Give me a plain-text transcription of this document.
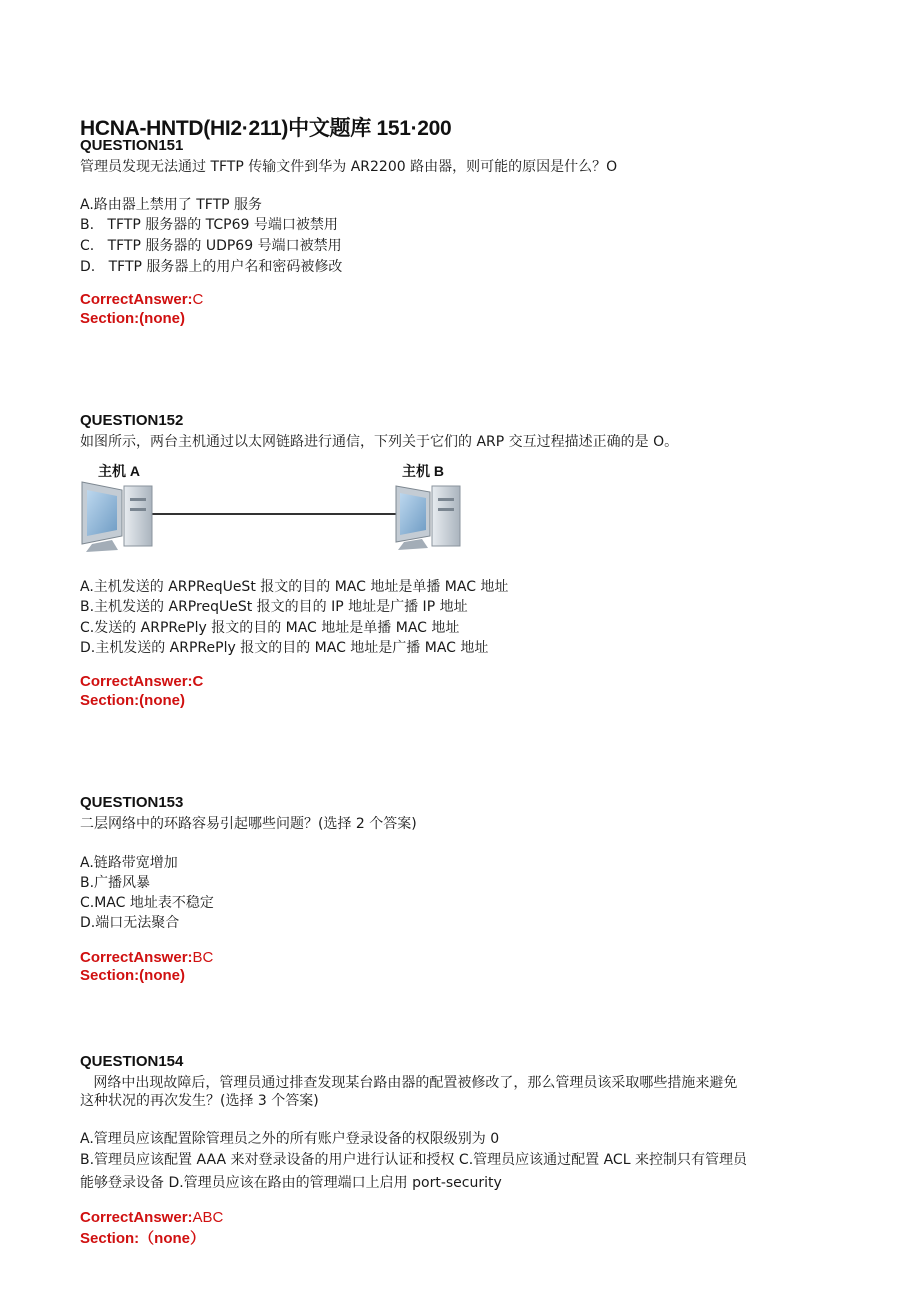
HCNA-HNTD(HI2·211)中文题库 151·200
QUESTION151
管理员发现无法通过 TFTP 传输文件到华为 AR2200 路由器，则可能的原因是什么？O
A.路由器上禁用了 TFTP 服务
B.   TFTP 服务器的 TCP69 号端口被禁用
C.   TFTP 服务器的 UDP69 号端口被禁用
D.   TFTP 服务器上的用户名和密码被修改
CorrectAnswer:C
Section:(none)
QUESTION152
如图所示，两台主机通过以太网链路进行通信，下列关于它们的 ARP 交互过程描述正确的是 O。
主机 A	主机 B
A.主机发送的 ARPReqUeSt 报文的目的 MAC 地址是单播 MAC 地址
B.主机发送的 ARPreqUeSt 报文的目的 IP 地址是广播 IP 地址
C.发送的 ARPRePly 报文的目的 MAC 地址是单播 MAC 地址
D.主机发送的 ARPRePly 报文的目的 MAC 地址是广播 MAC 地址
CorrectAnswer:C
Section:(none)
QUESTION153
二层网络中的环路容易引起哪些问题？(选择 2 个答案)
A.链路带宽增加
B.广播风暴
C.MAC 地址表不稳定
D.端口无法聚合
CorrectAnswer:BC
Section:(none)
QUESTION154
网络中出现故障后，管理员通过排查发现某台路由器的配置被修改了，那么管理员该采取哪些措施来避免
这种状况的再次发生？(选择 3 个答案)
A.管理员应该配置除管理员之外的所有账户登录设备的权限级别为 0
B.管理员应该配置 AAA 来对登录设备的用户进行认证和授权 C.管理员应该通过配置 ACL 来控制只有管理员
能够登录设备 D.管理员应该在路由的管理端口上启用 port-security
CorrectAnswer:ABC
Section:（none）
